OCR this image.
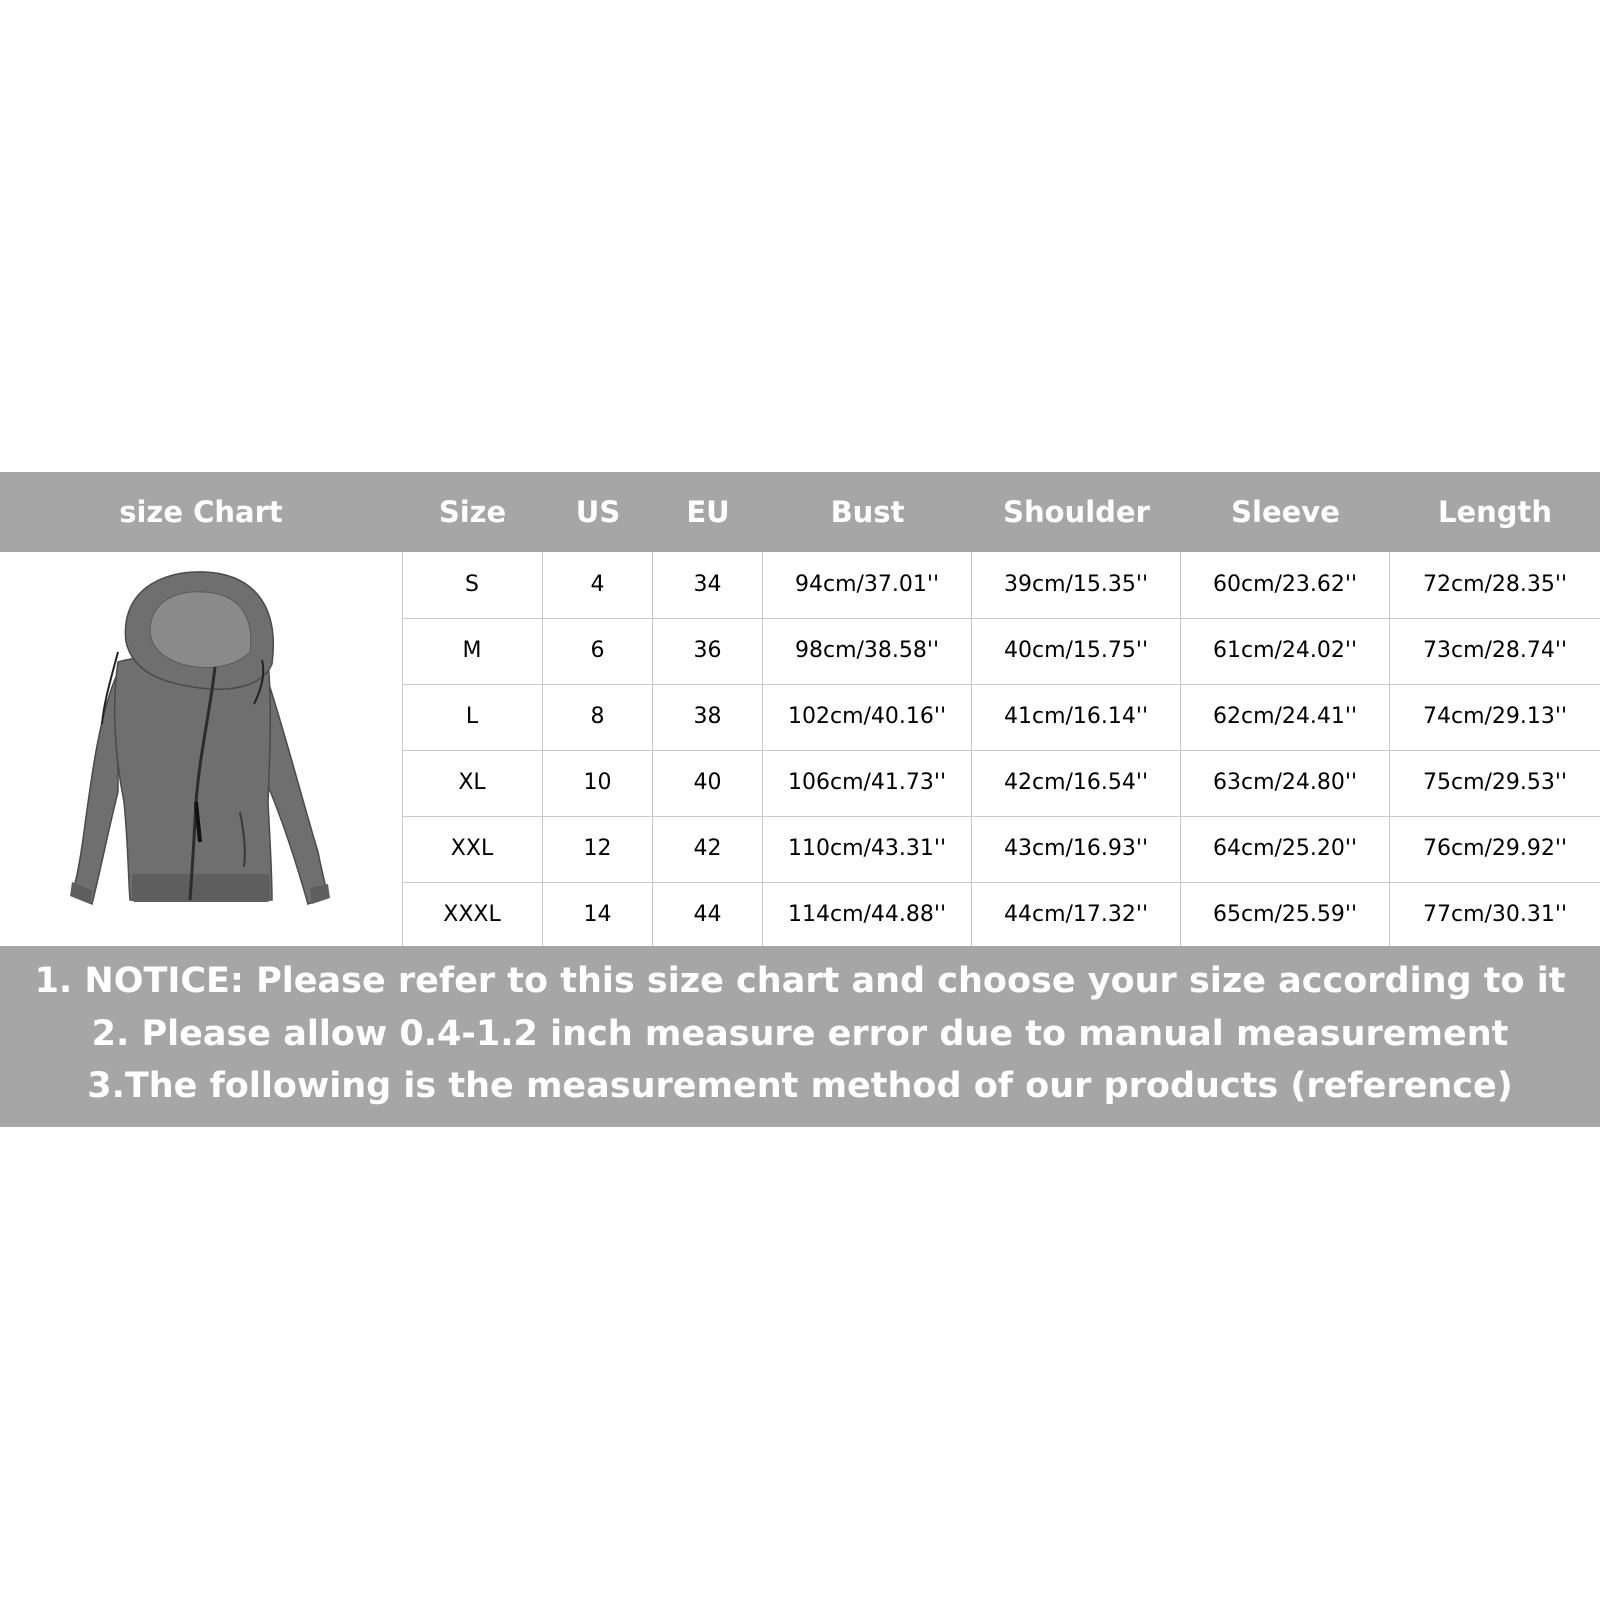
size Chart	Size	US	EU	Bust	Shoulder	Sleeve	Length
S	4	34	94cm/37.01''	39cm/15.35''	60cm/23.62''	72cm/28.35''
M	6	36	98cm/38.58''	40cm/15.75''	61cm/24.02''	73cm/28.74''
L	8	38	102cm/40.16''	41cm/16.14''	62cm/24.41''	74cm/29.13''
XL	10	40	106cm/41.73''	42cm/16.54''	63cm/24.80''	75cm/29.53''
XXL	12	42	110cm/43.31''	43cm/16.93''	64cm/25.20''	76cm/29.92''
XXXL	14	44	114cm/44.88''	44cm/17.32''	65cm/25.59''	77cm/30.31''
1. NOTICE: Please refer to this size chart and choose your size according to it
2. Please allow 0.4-1.2 inch measure error due to manual measurement
3.The following is the measurement method of our products (reference)
